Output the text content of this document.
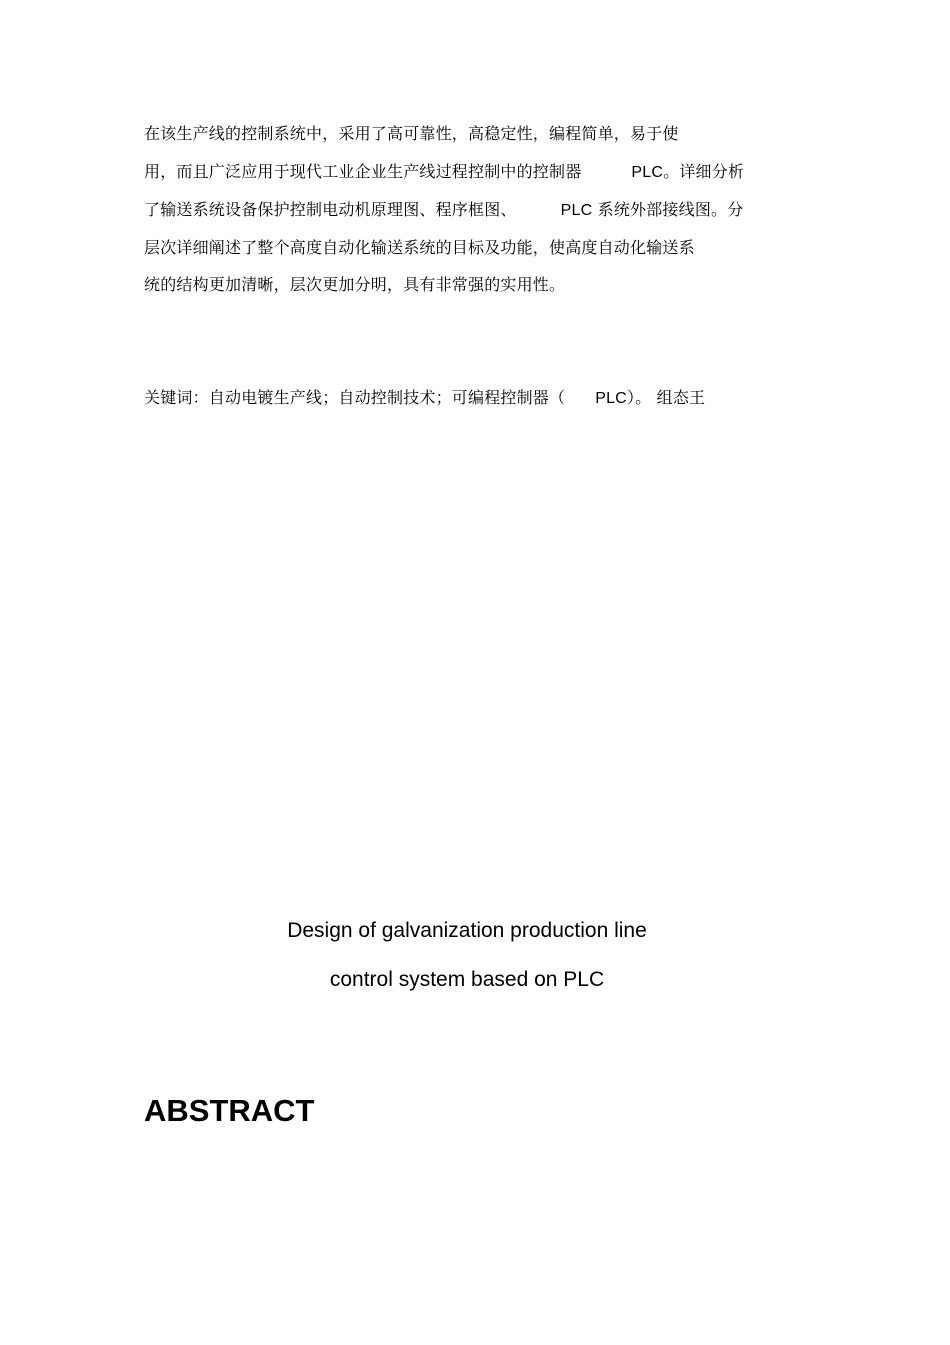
在该生产线的控制系统中，采用了高可靠性，高稳定性，编程简单，易于使
用，而且广泛应用于现代工业企业生产线过程控制中的控制器	PLC。详细分析
了输送系统设备保护控制电动机原理图、程序框图、	PLC 系统外部接线图。分
层次详细阐述了整个高度自动化输送系统的目标及功能，使高度自动化输送系
统的结构更加清晰，层次更加分明，具有非常强的实用性。
关键词：自动电镀生产线；自动控制技术；可编程控制器（ PLC）。 组态王
Design of galvanization production line
control system based on PLC
ABSTRACT
